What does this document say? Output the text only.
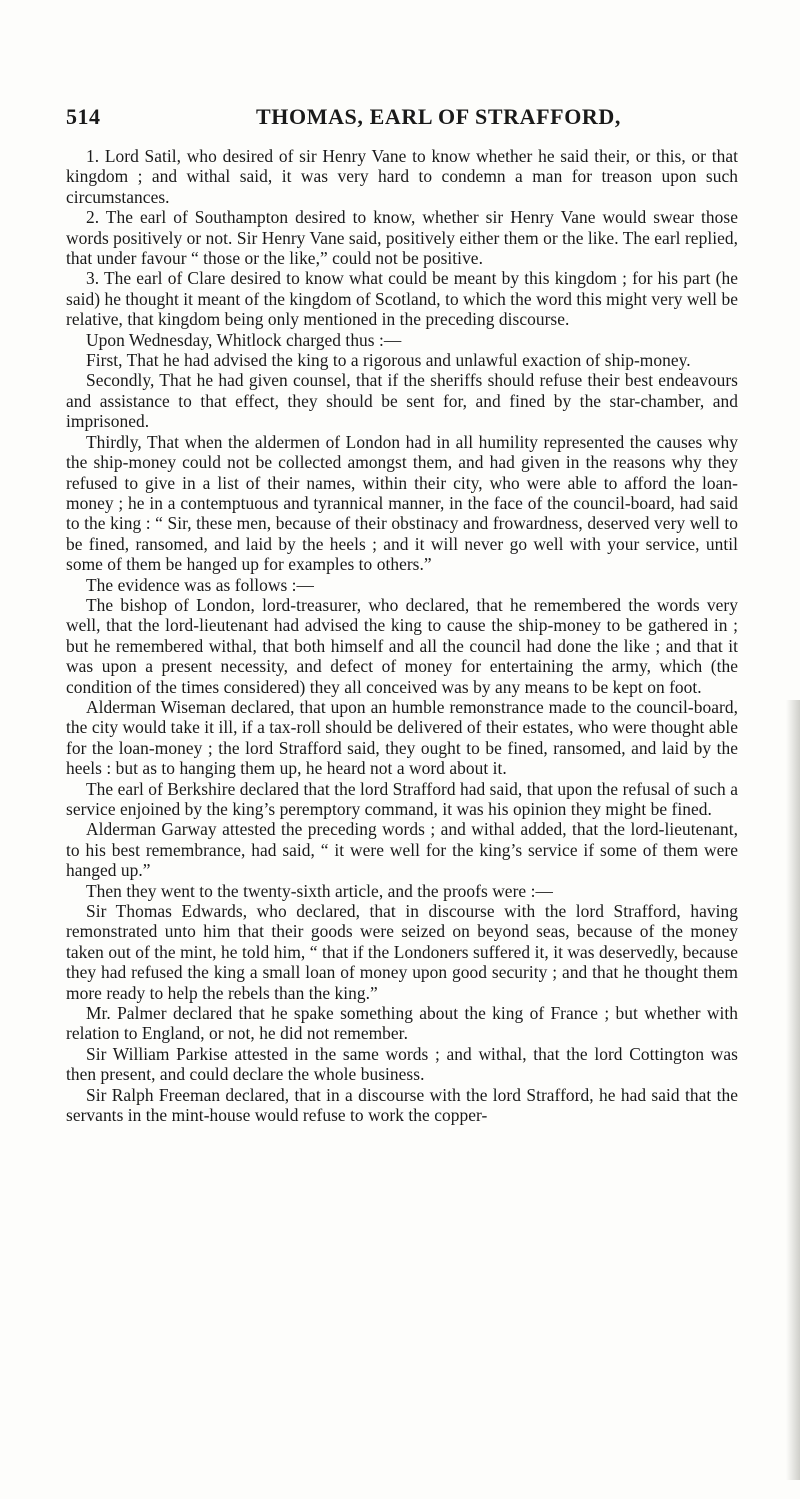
514	THOMAS, EARL OF STRAFFORD,

1. Lord Satil, who desired of sir Henry Vane to know whether he said their, or this, or that kingdom ; and withal said, it was very hard to condemn a man for treason upon such circumstances.

2. The earl of Southampton desired to know, whether sir Henry Vane would swear those words positively or not. Sir Henry Vane said, positively either them or the like. The earl replied, that under favour “ those or the like,” could not be positive.

3. The earl of Clare desired to know what could be meant by this kingdom ; for his part (he said) he thought it meant of the kingdom of Scotland, to which the word this might very well be relative, that kingdom being only mentioned in the preceding discourse.

Upon Wednesday, Whitlock charged thus :—

First, That he had advised the king to a rigorous and unlawful exaction of ship-money.

Secondly, That he had given counsel, that if the sheriffs should refuse their best endeavours and assistance to that effect, they should be sent for, and fined by the star-chamber, and imprisoned.

Thirdly, That when the aldermen of London had in all humility represented the causes why the ship-money could not be collected amongst them, and had given in the reasons why they refused to give in a list of their names, within their city, who were able to afford the loan-money ; he in a contemptuous and tyrannical manner, in the face of the council-board, had said to the king : “ Sir, these men, because of their obstinacy and frowardness, deserved very well to be fined, ransomed, and laid by the heels ; and it will never go well with your service, until some of them be hanged up for examples to others.”

The evidence was as follows :—

The bishop of London, lord-treasurer, who declared, that he remembered the words very well, that the lord-lieutenant had advised the king to cause the ship-money to be gathered in ; but he remembered withal, that both himself and all the council had done the like ; and that it was upon a present necessity, and defect of money for entertaining the army, which (the condition of the times considered) they all conceived was by any means to be kept on foot.

Alderman Wiseman declared, that upon an humble remonstrance made to the council-board, the city would take it ill, if a tax-roll should be delivered of their estates, who were thought able for the loan-money ; the lord Strafford said, they ought to be fined, ransomed, and laid by the heels : but as to hanging them up, he heard not a word about it.

The earl of Berkshire declared that the lord Strafford had said, that upon the refusal of such a service enjoined by the king’s peremptory command, it was his opinion they might be fined.

Alderman Garway attested the preceding words ; and withal added, that the lord-lieutenant, to his best remembrance, had said, “ it were well for the king’s service if some of them were hanged up.”

Then they went to the twenty-sixth article, and the proofs were :—

Sir Thomas Edwards, who declared, that in discourse with the lord Strafford, having remonstrated unto him that their goods were seized on beyond seas, because of the money taken out of the mint, he told him, “ that if the Londoners suffered it, it was deservedly, because they had refused the king a small loan of money upon good security ; and that he thought them more ready to help the rebels than the king.”

Mr. Palmer declared that he spake something about the king of France ; but whether with relation to England, or not, he did not remember.

Sir William Parkise attested in the same words ; and withal, that the lord Cottington was then present, and could declare the whole business.

Sir Ralph Freeman declared, that in a discourse with the lord Strafford, he had said that the servants in the mint-house would refuse to work the copper-
